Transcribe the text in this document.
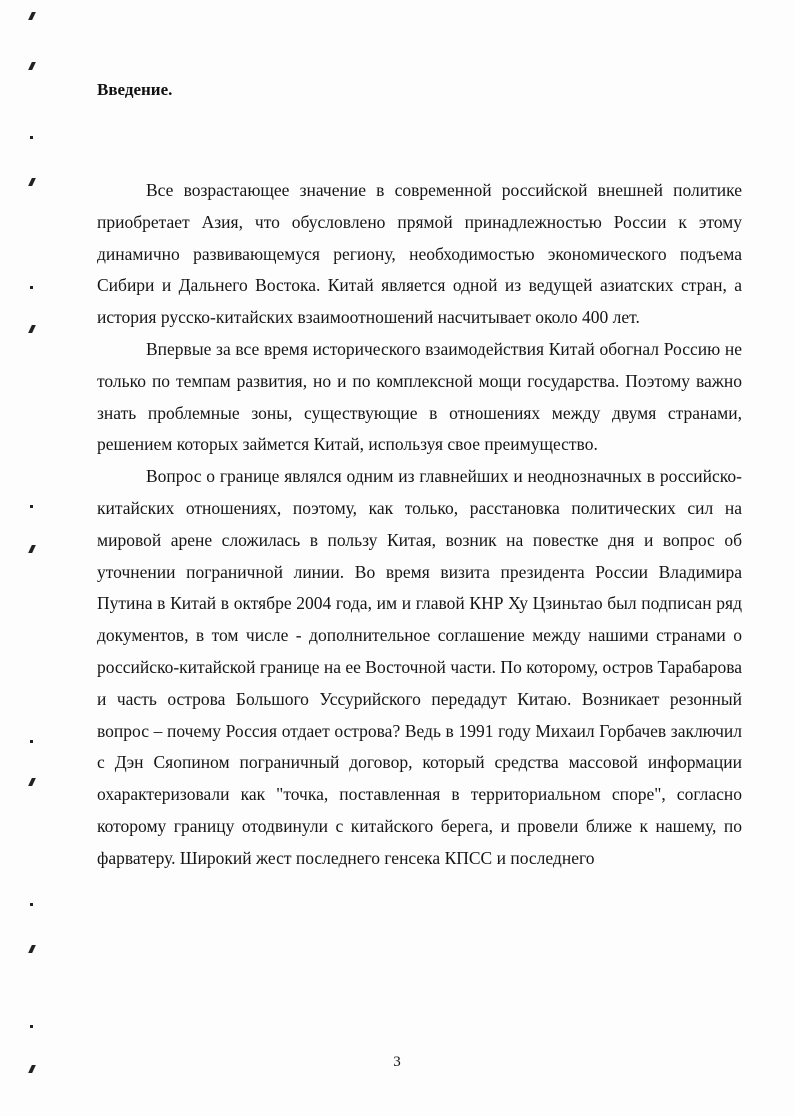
Введение.

Все возрастающее значение в современной российской внешней политике приобретает Азия, что обусловлено прямой принадлежностью России к этому динамично развивающемуся региону, необходимостью экономического подъема Сибири и Дальнего Востока. Китай является одной из ведущей азиатских стран, а история русско-китайских взаимоотношений насчитывает около 400 лет.

Впервые за все время исторического взаимодействия Китай обогнал Россию не только по темпам развития, но и по комплексной мощи государства. Поэтому важно знать проблемные зоны, существующие в отношениях между двумя странами, решением которых займется Китай, используя свое преимущество.

Вопрос о границе являлся одним из главнейших и неоднозначных в российско-китайских отношениях, поэтому, как только, расстановка политических сил на мировой арене сложилась в пользу Китая, возник на повестке дня и вопрос об уточнении пограничной линии. Во время визита президента России Владимира Путина в Китай в октябре 2004 года, им и главой КНР Ху Цзиньтао был подписан ряд документов, в том числе - дополнительное соглашение между нашими странами о российско-китайской границе на ее Восточной части. По которому, остров Тарабарова и часть острова Большого Уссурийского передадут Китаю. Возникает резонный вопрос – почему Россия отдает острова? Ведь в 1991 году Михаил Горбачев заключил с Дэн Сяопином пограничный договор, который средства массовой информации охарактеризовали как "точка, поставленная в территориальном споре", согласно которому границу отодвинули с китайского берега, и провели ближе к нашему, по фарватеру. Широкий жест последнего генсека КПСС и последнего

3
